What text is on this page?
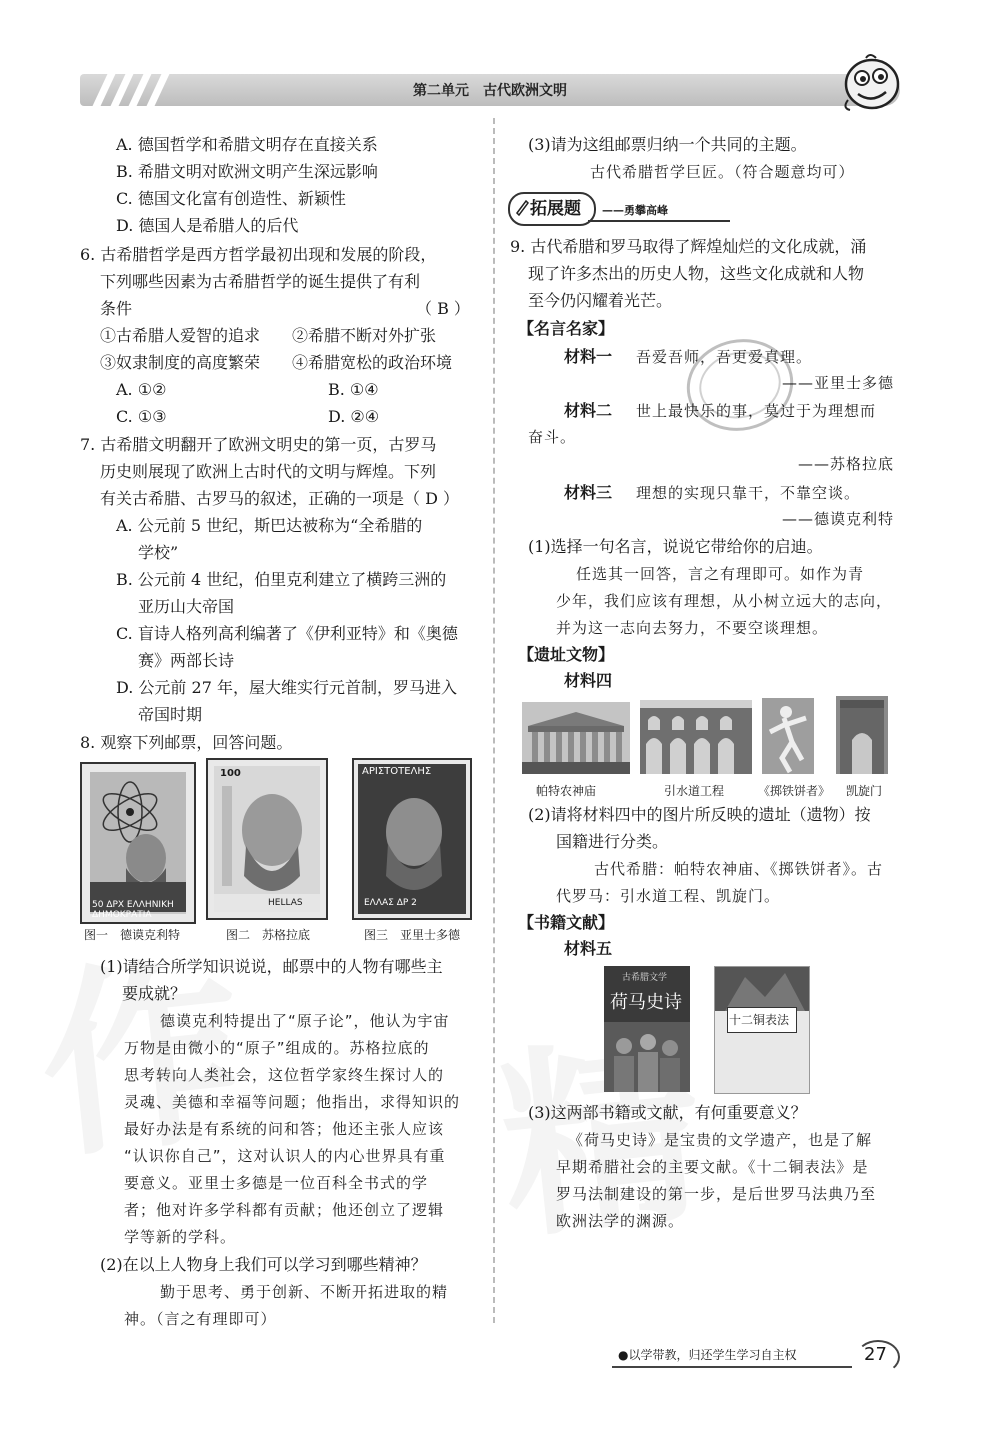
第二单元　古代欧洲文明
A. 德国哲学和希腊文明存在直接关系
B. 希腊文明对欧洲文明产生深远影响
C. 德国文化富有创造性、新颖性
D. 德国人是希腊人的后代
6. 古希腊哲学是西方哲学最初出现和发展的阶段，
下列哪些因素为古希腊哲学的诞生提供了有利
条件	（ B ）
①古希腊人爱智的追求 ②希腊不断对外扩张
③奴隶制度的高度繁荣 ④希腊宽松的政治环境
A. ①②	B. ①④
C. ①③	D. ②④
7. 古希腊文明翻开了欧洲文明史的第一页，古罗马
历史则展现了欧洲上古时代的文明与辉煌。下列
有关古希腊、古罗马的叙述，正确的一项是（ D ）
A. 公元前 5 世纪，斯巴达被称为“全希腊的
学校”
B. 公元前 4 世纪，伯里克利建立了横跨三洲的
亚历山大帝国
C. 盲诗人格列高利编著了《伊利亚特》和《奥德
赛》两部长诗
D. 公元前 27 年，屋大维实行元首制，罗马进入
帝国时期
8. 观察下列邮票，回答问题。
50 ΔPX ΕΛΛΗΝΙΚΗ ΔΗΜΟΚΡΑΤΙΑ
100
HELLAS
ΑΡΙΣΤΟΤΕΛΗΣ
ΕΛΛΑΣ ΔΡ 2
图一　德谟克利特	图二　苏格拉底	图三　亚里士多德
(1)请结合所学知识说说，邮票中的人物有哪些主
要成就？
德谟克利特提出了“原子论”，他认为宇宙
万物是由微小的“原子”组成的。苏格拉底的
思考转向人类社会，这位哲学家终生探讨人的
灵魂、美德和幸福等问题；他指出，求得知识的
最好办法是有系统的问和答；他还主张人应该
“认识你自己”，这对认识人的内心世界具有重
要意义。亚里士多德是一位百科全书式的学
者；他对许多学科都有贡献；他还创立了逻辑
学等新的学科。
(2)在以上人物身上我们可以学习到哪些精神？
勤于思考、勇于创新、不断开拓进取的精
神。（言之有理即可）
(3)请为这组邮票归纳一个共同的主题。
古代希腊哲学巨匠。（符合题意均可）
拓展题 ——勇攀高峰
9. 古代希腊和罗马取得了辉煌灿烂的文化成就，涌
现了许多杰出的历史人物，这些文化成就和人物
至今仍闪耀着光芒。
【名言名家】
材料一 吾爱吾师，吾更爱真理。
——亚里士多德
材料二 世上最快乐的事，莫过于为理想而
奋斗。
——苏格拉底
材料三 理想的实现只靠干，不靠空谈。
——德谟克利特
(1)选择一句名言，说说它带给你的启迪。
任选其一回答，言之有理即可。如作为青
少年，我们应该有理想，从小树立远大的志向，
并为这一志向去努力，不要空谈理想。
【遗址文物】
材料四
帕特农神庙	引水道工程	《掷铁饼者》 凯旋门
(2)请将材料四中的图片所反映的遗址（遗物）按
国籍进行分类。
古代希腊：帕特农神庙、《掷铁饼者》。古
代罗马：引水道工程、凯旋门。
【书籍文献】
材料五
古希腊文学
荷马史诗
十二铜表法
(3)这两部书籍或文献，有何重要意义？
《荷马史诗》是宝贵的文学遗产，也是了解
早期希腊社会的主要文献。《十二铜表法》是
罗马法制建设的第一步，是后世罗马法典乃至
欧洲法学的渊源。
●以学带教，归还学生学习自主权	27
